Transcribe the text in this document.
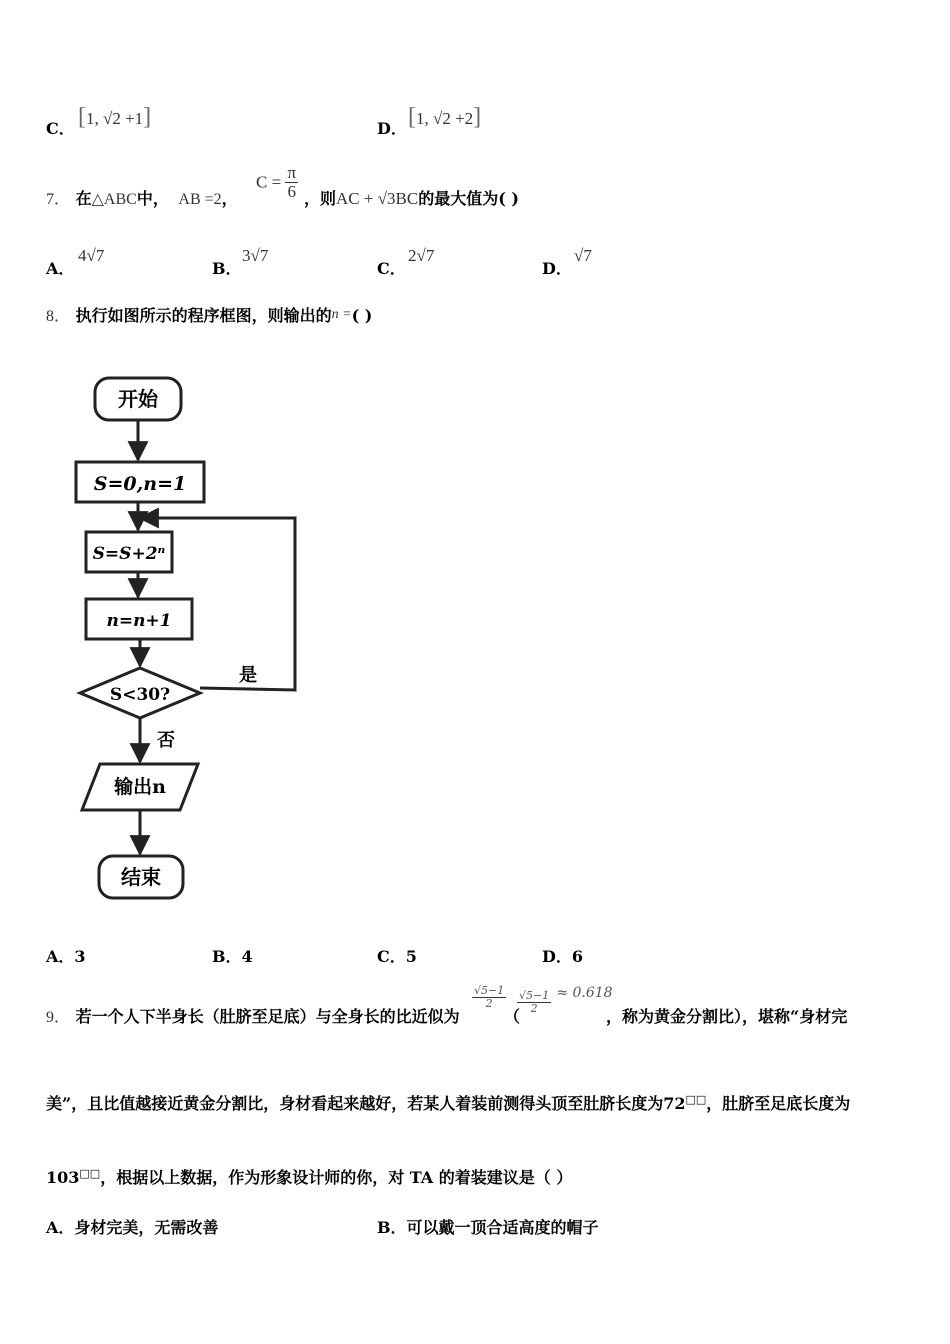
C． [1, √2 +1]	D． [1, √2 +2]
7． 在△ABC中， AB =2，
$C = \frac{\pi}{6}$ ，则AC + √3BC的最大值为( )
A．
4√7
B．
3√7
C．
2√7
D．
√7
8． 执行如图所示的程序框图，则输出的n =( )
开始
S=0,n=1
S=S+2ⁿ
n=n+1
S<30?
是
否
输出n
结束
A．3	B．4	C．5	D．6
9． 若一个人下半身长（肚脐至足底）与全身长的比近似为
$\frac{√5-1}{2}$
（
$\frac{√5-1}{2} \approx 0.618$
，称为黄金分割比），堪称“身材完
美”，且比值越接近黄金分割比，身材看起来越好，若某人着装前测得头顶至肚脐长度为72□□，肚脐至足底长度为
103□□，根据以上数据，作为形象设计师的你，对 TA 的着装建议是（ ）
A．身材完美，无需改善	B．可以戴一顶合适高度的帽子
